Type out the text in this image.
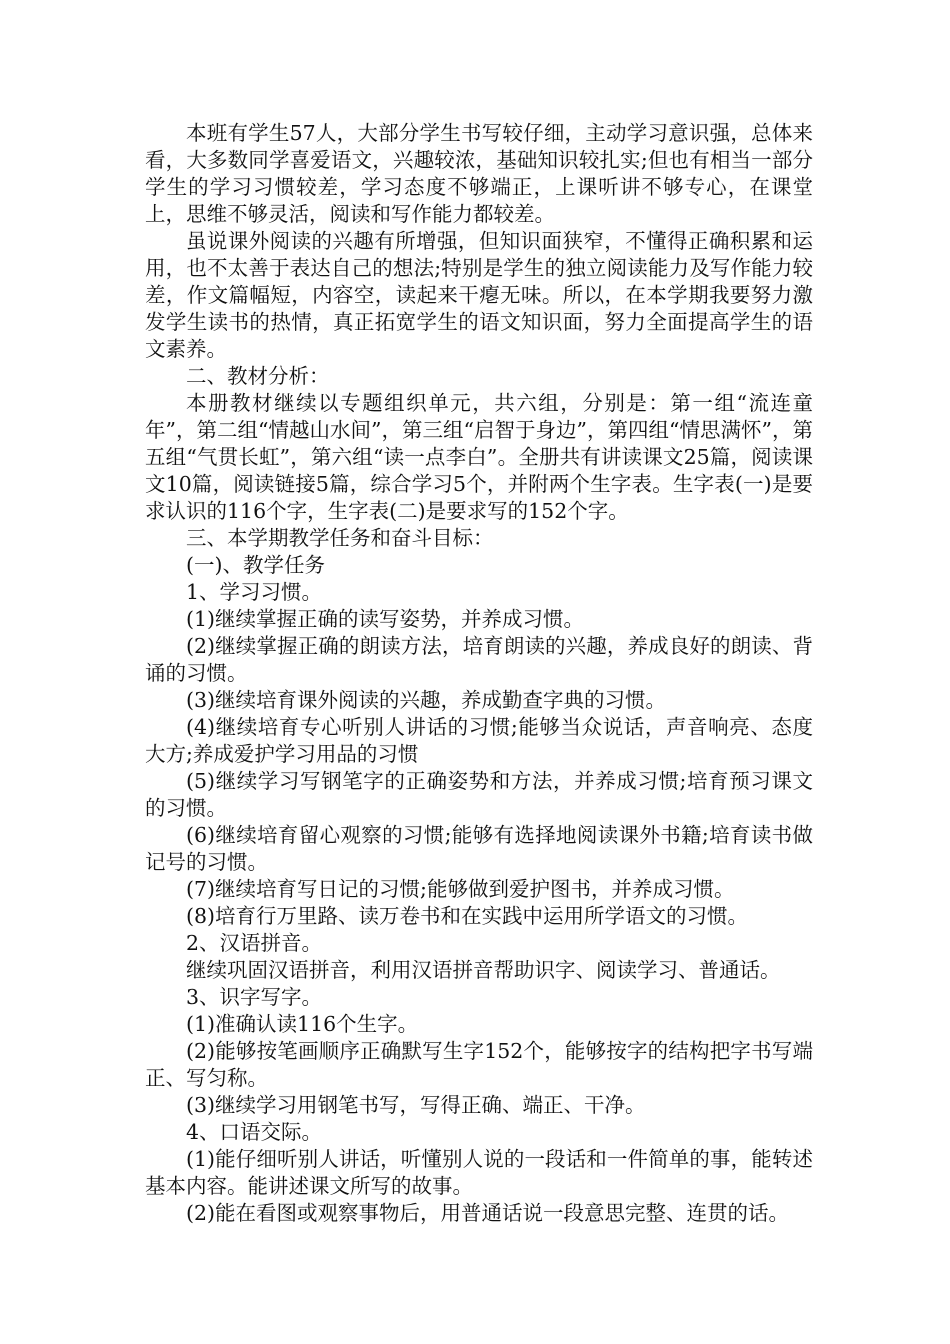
本班有学生57人，大部分学生书写较仔细，主动学习意识强，总体来看，大多数同学喜爱语文，兴趣较浓，基础知识较扎实;但也有相当一部分学生的学习习惯较差，学习态度不够端正，上课听讲不够专心，在课堂上，思维不够灵活，阅读和写作能力都较差。

虽说课外阅读的兴趣有所增强，但知识面狭窄，不懂得正确积累和运用，也不太善于表达自己的想法;特别是学生的独立阅读能力及写作能力较差，作文篇幅短，内容空，读起来干瘪无味。所以，在本学期我要努力激发学生读书的热情，真正拓宽学生的语文知识面，努力全面提高学生的语文素养。

二、教材分析：

本册教材继续以专题组织单元，共六组，分别是：第一组“流连童年”，第二组“情越山水间”，第三组“启智于身边”，第四组“情思满怀”，第五组“气贯长虹”，第六组“读一点李白”。全册共有讲读课文25篇，阅读课文10篇，阅读链接5篇，综合学习5个，并附两个生字表。生字表(一)是要求认识的116个字，生字表(二)是要求写的152个字。

三、本学期教学任务和奋斗目标：

(一)、教学任务

1、学习习惯。

(1)继续掌握正确的读写姿势，并养成习惯。

(2)继续掌握正确的朗读方法，培育朗读的兴趣，养成良好的朗读、背诵的习惯。

(3)继续培育课外阅读的兴趣，养成勤查字典的习惯。

(4)继续培育专心听别人讲话的习惯;能够当众说话，声音响亮、态度大方;养成爱护学习用品的习惯

(5)继续学习写钢笔字的正确姿势和方法，并养成习惯;培育预习课文的习惯。

(6)继续培育留心观察的习惯;能够有选择地阅读课外书籍;培育读书做记号的习惯。

(7)继续培育写日记的习惯;能够做到爱护图书，并养成习惯。

(8)培育行万里路、读万卷书和在实践中运用所学语文的习惯。

2、汉语拼音。

继续巩固汉语拼音，利用汉语拼音帮助识字、阅读学习、普通话。

3、识字写字。

(1)准确认读116个生字。

(2)能够按笔画顺序正确默写生字152个，能够按字的结构把字书写端正、写匀称。

(3)继续学习用钢笔书写，写得正确、端正、干净。

4、口语交际。

(1)能仔细听别人讲话，听懂别人说的一段话和一件简单的事，能转述基本内容。能讲述课文所写的故事。

(2)能在看图或观察事物后，用普通话说一段意思完整、连贯的话。
